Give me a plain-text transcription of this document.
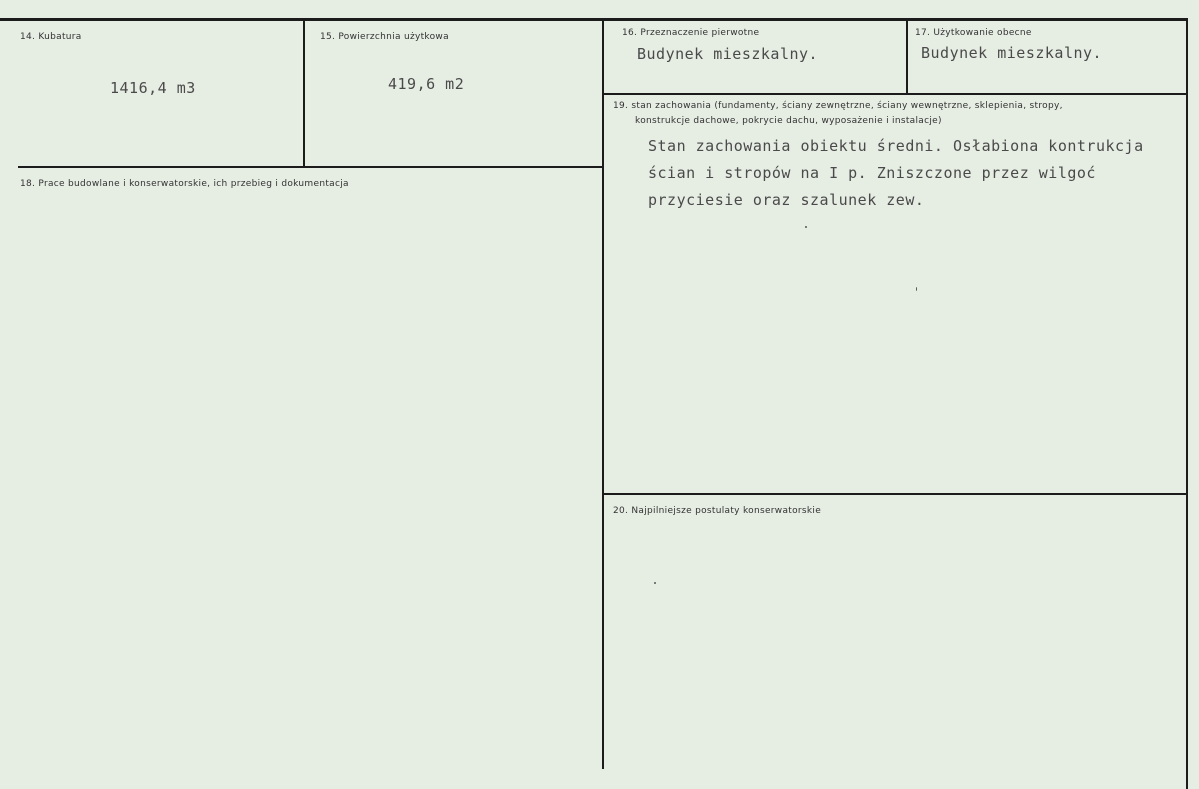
14. Kubatura
1416,4 m3
15. Powierzchnia użytkowa
419,6 m2
16. Przeznaczenie pierwotne
Budynek mieszkalny.
17. Użytkowanie obecne
Budynek mieszkalny.
18. Prace budowlane i konserwatorskie, ich przebieg i dokumentacja
19. stan zachowania (fundamenty, ściany zewnętrzne, ściany wewnętrzne, sklepienia, stropy,
konstrukcje dachowe, pokrycie dachu, wyposażenie i instalacje)
Stan zachowania obiektu średni. Osłabiona kontrukcja
ścian i stropów na I p. Zniszczone przez wilgoć
przyciesie oraz szalunek zew.
20. Najpilniejsze postulaty konserwatorskie
